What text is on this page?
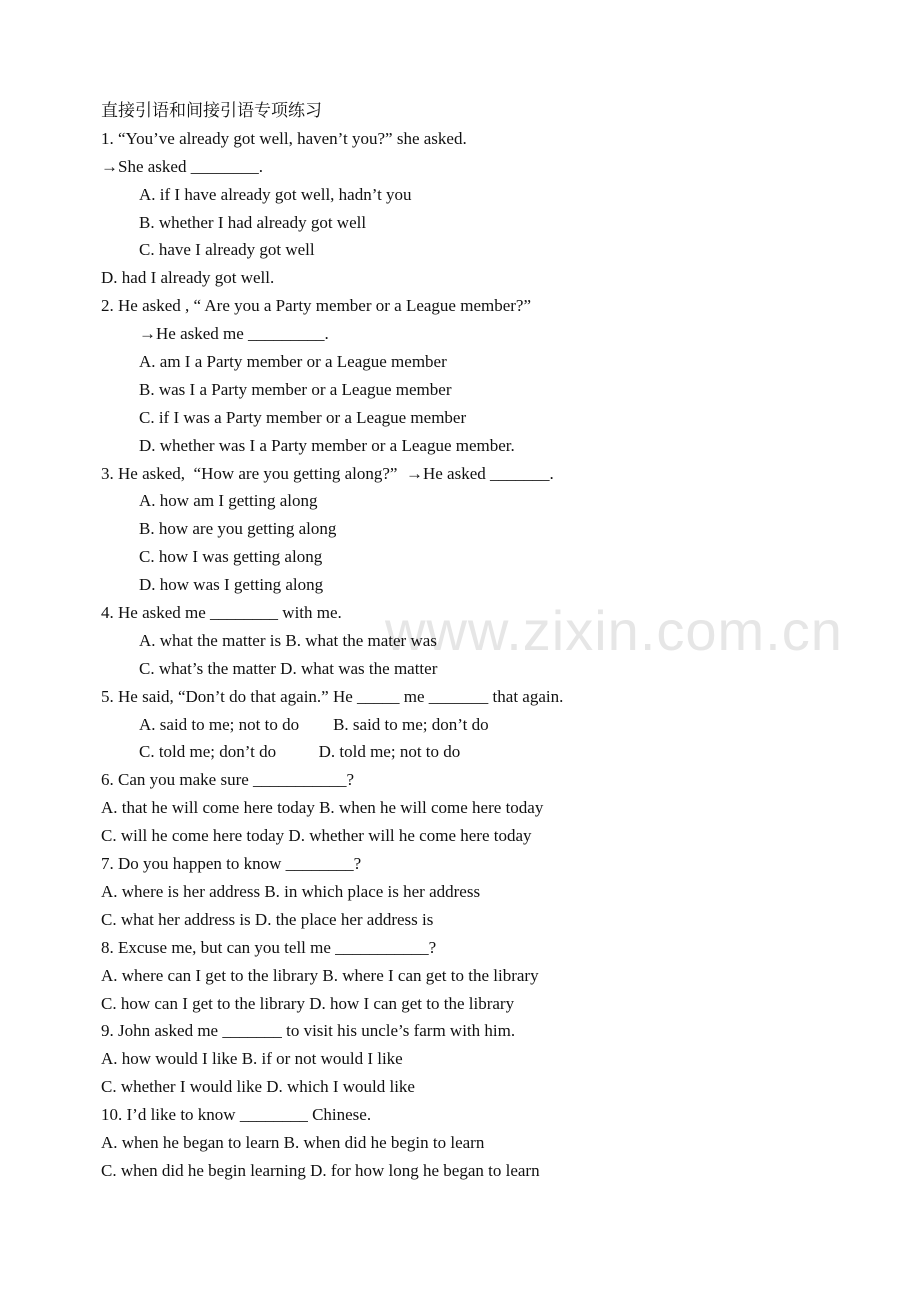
www.zixin.com.cn
直接引语和间接引语专项练习
1. “You’ve already got well, haven’t you?” she asked.
→She asked ________.
A. if I have already got well, hadn’t you
B. whether I had already got well
C. have I already got well
D. had I already got well.
2. He asked , “ Are you a Party member or a League member?”
→He asked me _________.
A. am I a Party member or a League member
B. was I a Party member or a League member
C. if I was a Party member or a League member
D. whether was I a Party member or a League member.
3. He asked,  “How are you getting along?”  →He asked _______.
A. how am I getting along
B. how are you getting along
C. how I was getting along
D. how was I getting along
4. He asked me ________ with me.
A. what the matter is B. what the mater was
C. what’s the matter D. what was the matter
5. He said, “Don’t do that again.” He _____ me _______ that again.
A. said to me; not to do        B. said to me; don’t do
C. told me; don’t do          D. told me; not to do
6. Can you make sure ___________?
A. that he will come here today B. when he will come here today
C. will he come here today D. whether will he come here today
7. Do you happen to know ________?
A. where is her address B. in which place is her address
C. what her address is D. the place her address is
8. Excuse me, but can you tell me ___________?
A. where can I get to the library B. where I can get to the library
C. how can I get to the library D. how I can get to the library
9. John asked me _______ to visit his uncle’s farm with him.
A. how would I like B. if or not would I like
C. whether I would like D. which I would like
10. I’d like to know ________ Chinese.
A. when he began to learn B. when did he begin to learn
C. when did he begin learning D. for how long he began to learn
